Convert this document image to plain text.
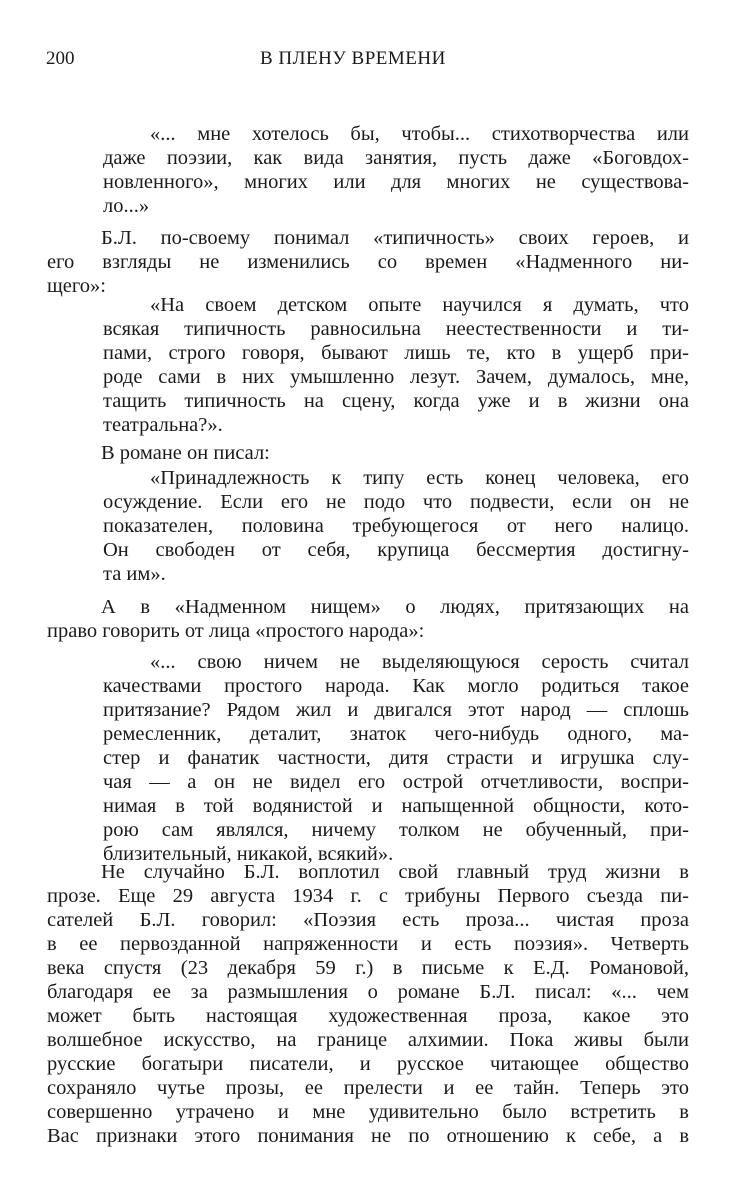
200	В ПЛЕНУ ВРЕМЕНИ
«... мне хотелось бы, чтобы... стихотворчества или
даже поэзии, как вида занятия, пусть даже «Боговдох-
новленного», многих или для многих не существова-
ло...»
Б.Л. по-своему понимал «типичность» своих героев, и
его взгляды не изменились со времен «Надменного ни-
щего»:
«На своем детском опыте научился я думать, что
всякая типичность равносильна неестественности и ти-
пами, строго говоря, бывают лишь те, кто в ущерб при-
роде сами в них умышленно лезут. Зачем, думалось, мне,
тащить типичность на сцену, когда уже и в жизни она
театральна?».
В романе он писал:
«Принадлежность к типу есть конец человека, его
осуждение. Если его не подо что подвести, если он не
показателен, половина требующегося от него налицо.
Он свободен от себя, крупица бессмертия достигну-
та им».
А в «Надменном нищем» о людях, притязающих на
право говорить от лица «простого народа»:
«... свою ничем не выделяющуюся серость считал
качествами простого народа. Как могло родиться такое
притязание? Рядом жил и двигался этот народ — сплошь
ремесленник, деталит, знаток чего-нибудь одного, ма-
стер и фанатик частности, дитя страсти и игрушка слу-
чая — а он не видел его острой отчетливости, воспри-
нимая в той водянистой и напыщенной общности, кото-
рою сам являлся, ничему толком не обученный, при-
близительный, никакой, всякий».
Не случайно Б.Л. воплотил свой главный труд жизни в
прозе. Еще 29 августа 1934 г. с трибуны Первого съезда пи-
сателей Б.Л. говорил: «Поэзия есть проза... чистая проза
в ее первозданной напряженности и есть поэзия». Четверть
века спустя (23 декабря 59 г.) в письме к Е.Д. Романовой,
благодаря ее за размышления о романе Б.Л. писал: «... чем
может быть настоящая художественная проза, какое это
волшебное искусство, на границе алхимии. Пока живы были
русские богатыри писатели, и русское читающее общество
сохраняло чутье прозы, ее прелести и ее тайн. Теперь это
совершенно утрачено и мне удивительно было встретить в
Вас признаки этого понимания не по отношению к себе, а в
